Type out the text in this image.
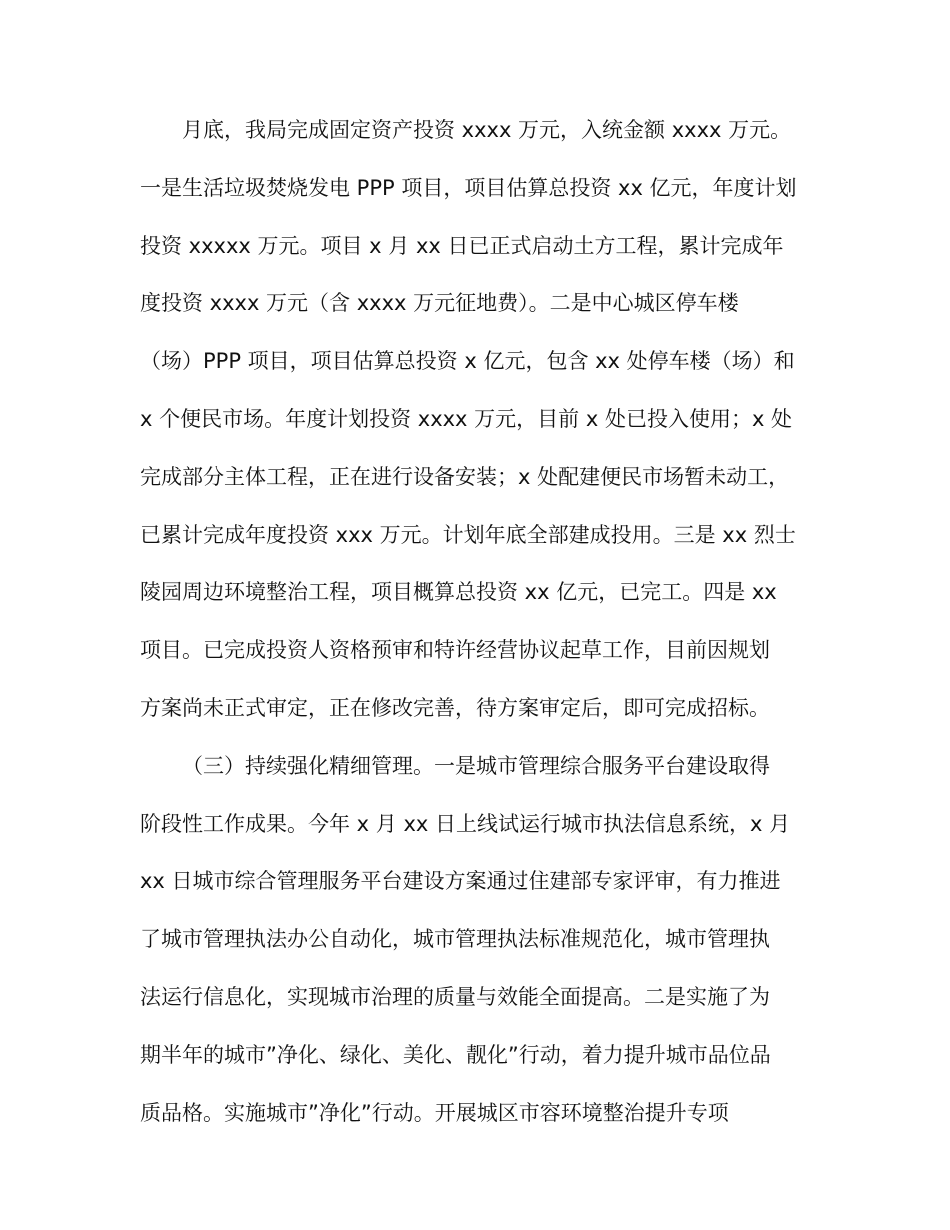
月底，我局完成固定资产投资 xxxx 万元，入统金额 xxxx 万元。
一是生活垃圾焚烧发电 PPP 项目，项目估算总投资 xx 亿元，年度计划
投资 xxxxx 万元。项目 x 月 xx 日已正式启动土方工程，累计完成年
度投资 xxxx 万元（含 xxxx 万元征地费）。二是中心城区停车楼
（场）PPP 项目，项目估算总投资 x 亿元，包含 xx 处停车楼（场）和
x 个便民市场。年度计划投资 xxxx 万元，目前 x 处已投入使用；x 处
完成部分主体工程，正在进行设备安装；x 处配建便民市场暂未动工，
已累计完成年度投资 xxx 万元。计划年底全部建成投用。三是 xx 烈士
陵园周边环境整治工程，项目概算总投资 xx 亿元，已完工。四是 xx
项目。已完成投资人资格预审和特许经营协议起草工作，目前因规划
方案尚未正式审定，正在修改完善，待方案审定后，即可完成招标。
（三）持续强化精细管理。一是城市管理综合服务平台建设取得
阶段性工作成果。今年 x 月 xx 日上线试运行城市执法信息系统，x 月
xx 日城市综合管理服务平台建设方案通过住建部专家评审，有力推进
了城市管理执法办公自动化，城市管理执法标准规范化，城市管理执
法运行信息化，实现城市治理的质量与效能全面提高。二是实施了为
期半年的城市”净化、绿化、美化、靓化”行动，着力提升城市品位品
质品格。实施城市”净化”行动。开展城区市容环境整治提升专项
